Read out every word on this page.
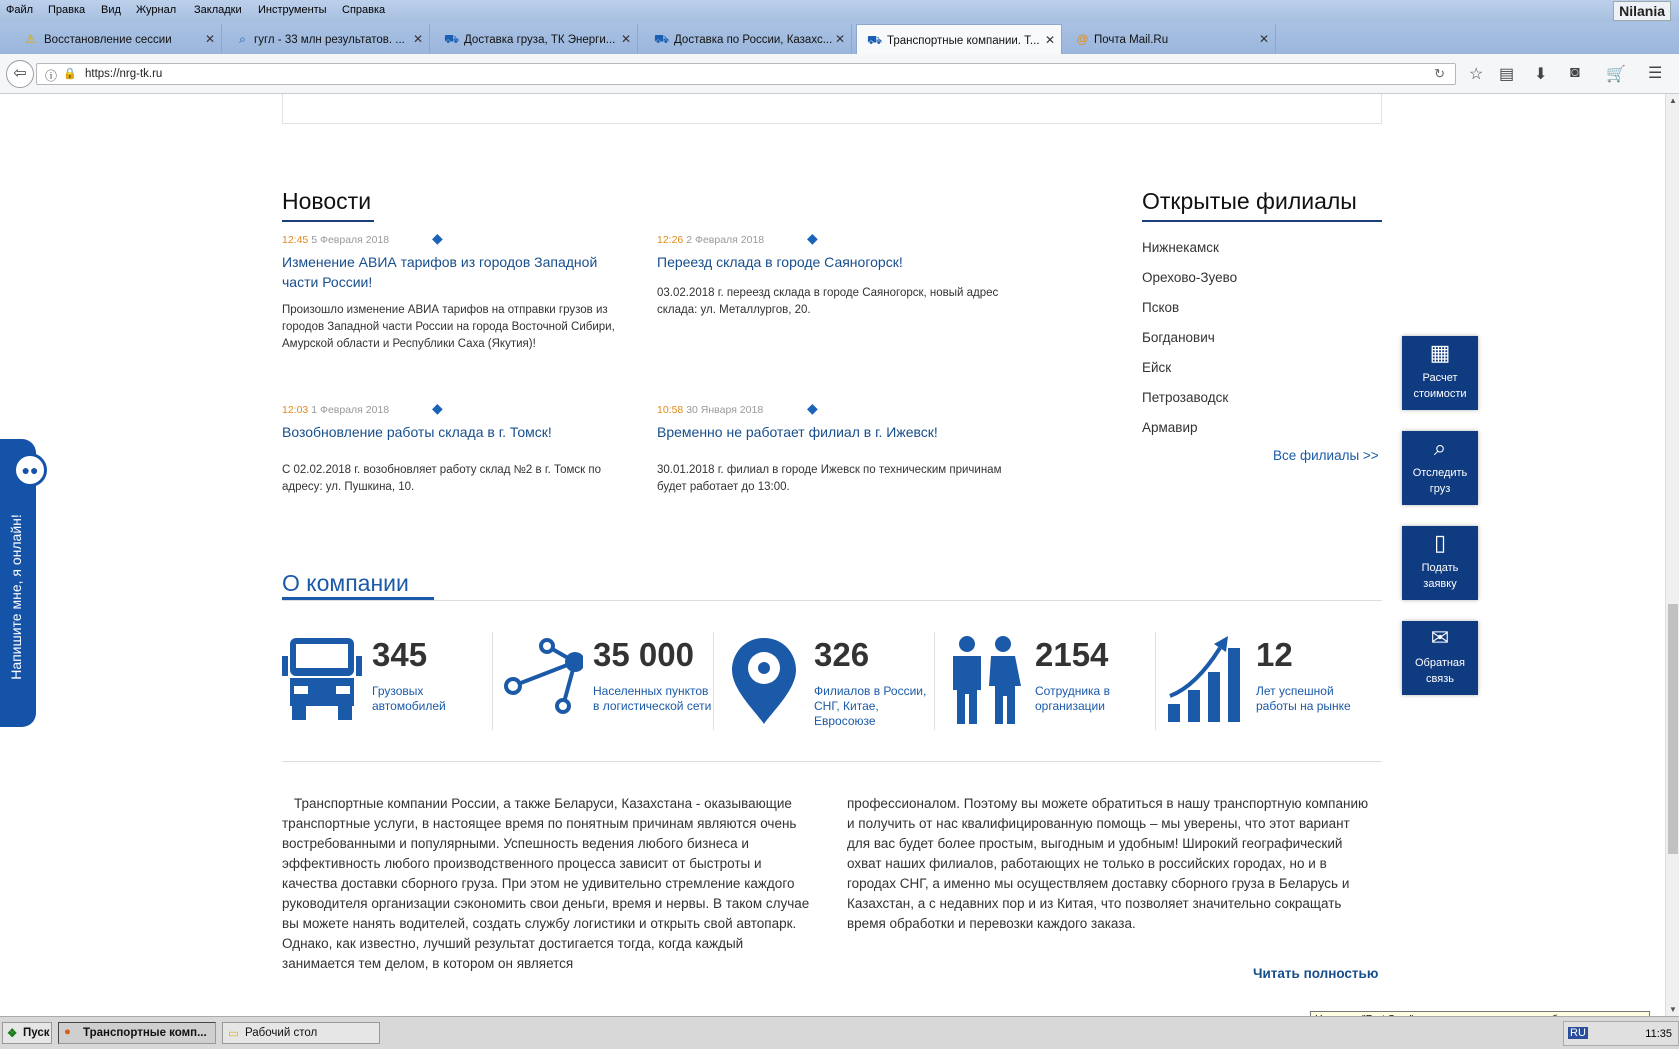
Файл Правка Вид Журнал Закладки Инструменты Справка	Nilania
⚠ Восстановление сессии	✕ ⌕ гугл - 33 млн результатов. ... ✕ ⛟ Доставка груза, ТК Энерги... ✕ ⛟ Доставка по России, Казахс... ✕ ⛟ Транспортные компании. Т... ✕ @ Почта Mail.Ru	✕
⇦	ⓘ 🔒 https://nrg-tk.ru	↻ ☆ ▤ ⬇ ◙ 🛒 ☰
Новости
12:45 5 Февраля 2018	◆
Изменение АВИА тарифов из городов Западной части России!

Произошло изменение АВИА тарифов на отправки грузов из городов Западной части России на города Восточной Сибири, Амурской области и Республики Саха (Якутия)!

12:26 2 Февраля 2018	◆
Переезд склада в городе Саяногорск!

03.02.2018 г. переезд склада в городе Саяногорск, новый адрес склада: ул. Металлургов, 20.

12:03 1 Февраля 2018	◆
Возобновление работы склада в г. Томск!

С 02.02.2018 г. возобновляет работу склад №2 в г. Томск по адресу: ул. Пушкина, 10.

10:58 30 Января 2018	◆
Временно не работает филиал в г. Ижевск!

30.01.2018 г. филиал в городе Ижевск по техническим причинам будет работает до 13:00.

Открытые филиалы
Нижнекамск
Орехово-Зуево
Псков
Богданович
Ейск
Петрозаводск
Армавир
Все филиалы >>
▦
Расчет
стоимости
⌕
Отследить
груз
▯
Подать
заявку
✉
Обратная
связь
●●
Напишите мне, я онлайн!	О компании
345
Грузовых автомобилей
35 000
Населенных пунктов в логистической сети
326
Филиалов в России, СНГ, Китае, Евросоюзе
2154
Сотрудника в организации
12
Лет успешной работы на рынке

Транспортные компании России, а также Беларуси, Казахстана - оказывающие транспортные услуги, в настоящее время по понятным причинам являются очень востребованными и популярными. Успешность ведения любого бизнеса и эффективность любого производственного процесса зависит от быстроты и качества доставки сборного груза. При этом не удивительно стремление каждого руководителя организации сэкономить свои деньги, время и нервы. В таком случае вы можете нанять водителей, создать службу логистики и открыть свой автопарк. Однако, как известно, лучший результат достигается тогда, когда каждый занимается тем делом, в котором он является

профессионалом. Поэтому вы можете обратиться в нашу транспортную компанию и получить от нас квалифицированную помощь – мы уверены, что этот вариант для вас будет более простым, выгодным и удобным! Широкий географический охват наших филиалов, работающих не только в российских городах, но и в городах СНГ, а именно мы осуществляем доставку сборного груза в Беларусь и Казахстан, а с недавних пор и из Китая, что позволяет значительно сокращать время обработки и перевозки каждого заказа.

Читать полностью
▲
▼
❖ Пуск ● Транспортные комп...	▭ Рабочий стол	RU	11:35
